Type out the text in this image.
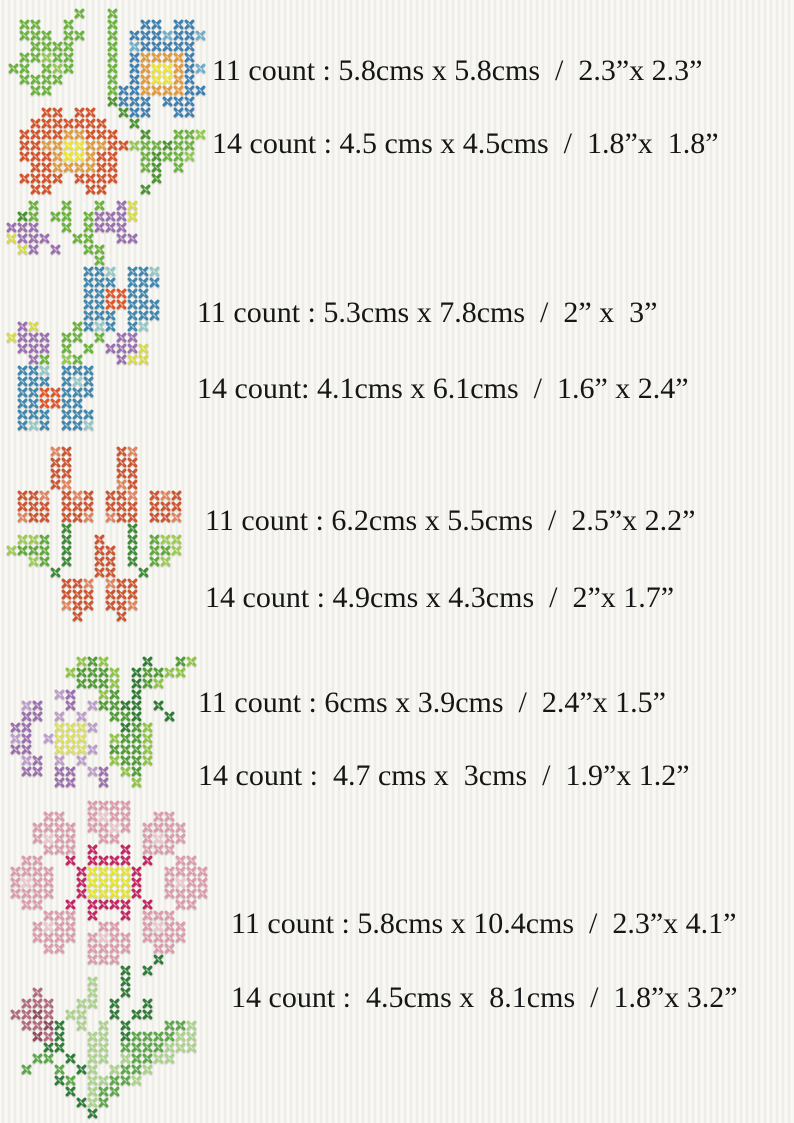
11 count : 5.8cms x 5.8cms  /  2.3”x 2.3”
14 count : 4.5 cms x 4.5cms  /  1.8”x  1.8”
11 count : 5.3cms x 7.8cms  /  2” x  3”
14 count: 4.1cms x 6.1cms  /  1.6” x 2.4”
11 count : 6.2cms x 5.5cms  /  2.5”x 2.2”
14 count : 4.9cms x 4.3cms  /  2”x 1.7”
11 count : 6cms x 3.9cms  /  2.4”x 1.5”
14 count :  4.7 cms x  3cms  /  1.9”x 1.2”
11 count : 5.8cms x 10.4cms  /  2.3”x 4.1”
14 count :  4.5cms x  8.1cms  /  1.8”x 3.2”
